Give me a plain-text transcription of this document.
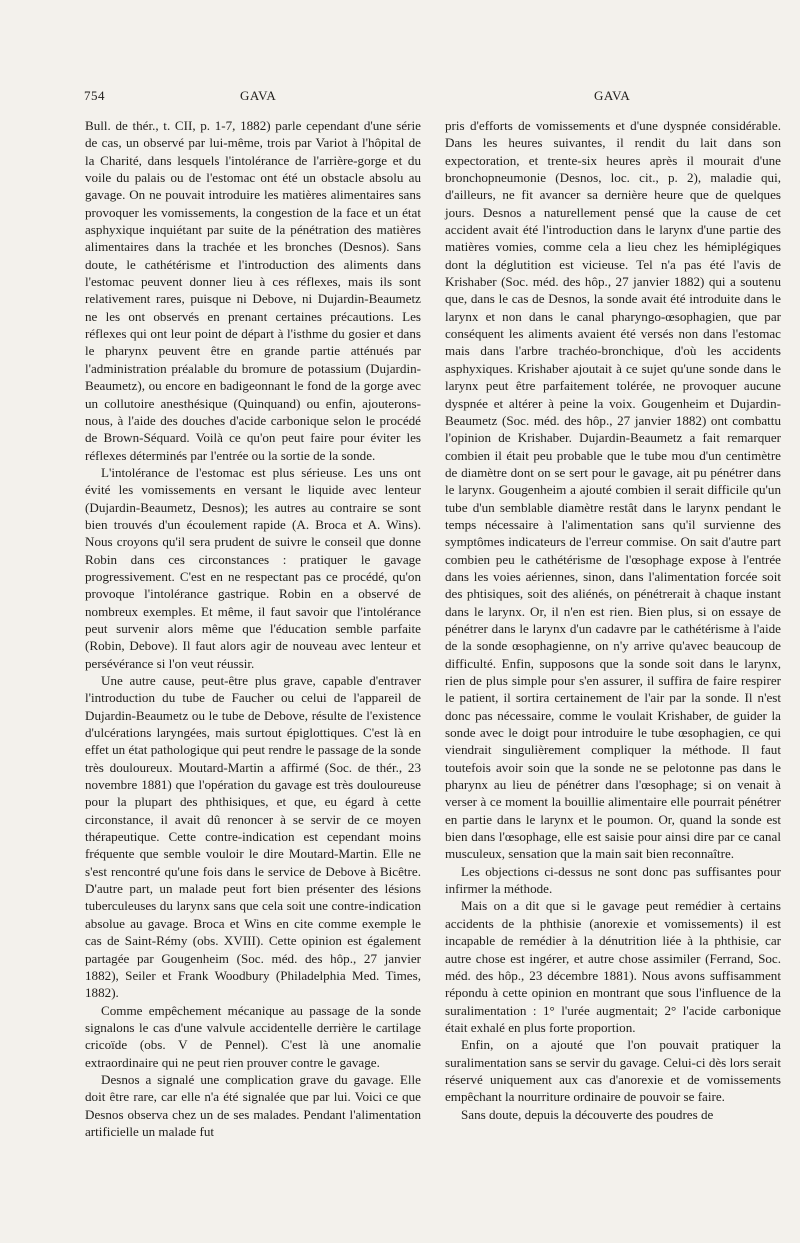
754	GAVA	GAVA

Bull. de thér., t. CII, p. 1-7, 1882) parle cependant d'une série de cas, un observé par lui-même, trois par Variot à l'hôpital de la Charité, dans lesquels l'intolérance de l'arrière-gorge et du voile du palais ou de l'estomac ont été un obstacle absolu au gavage. On ne pouvait introduire les matières alimentaires sans provoquer les vomissements, la congestion de la face et un état asphyxique inquiétant par suite de la pénétration des matières alimentaires dans la trachée et les bronches (Desnos). Sans doute, le cathétérisme et l'introduction des aliments dans l'estomac peuvent donner lieu à ces réflexes, mais ils sont relativement rares, puisque ni Debove, ni Dujardin-Beaumetz ne les ont observés en prenant certaines précautions. Les réflexes qui ont leur point de départ à l'isthme du gosier et dans le pharynx peuvent être en grande partie atténués par l'administration préalable du bromure de potassium (Dujardin-Beaumetz), ou encore en badigeonnant le fond de la gorge avec un collutoire anesthésique (Quinquand) ou enfin, ajouterons-nous, à l'aide des douches d'acide carbonique selon le procédé de Brown-Séquard. Voilà ce qu'on peut faire pour éviter les réflexes déterminés par l'entrée ou la sortie de la sonde.

L'intolérance de l'estomac est plus sérieuse. Les uns ont évité les vomissements en versant le liquide avec lenteur (Dujardin-Beaumetz, Desnos); les autres au contraire se sont bien trouvés d'un écoulement rapide (A. Broca et A. Wins). Nous croyons qu'il sera prudent de suivre le conseil que donne Robin dans ces circonstances : pratiquer le gavage progressivement. C'est en ne respectant pas ce procédé, qu'on provoque l'intolérance gastrique. Robin en a observé de nombreux exemples. Et même, il faut savoir que l'intolérance peut survenir alors même que l'éducation semble parfaite (Robin, Debove). Il faut alors agir de nouveau avec lenteur et persévérance si l'on veut réussir.

Une autre cause, peut-être plus grave, capable d'entraver l'introduction du tube de Faucher ou celui de l'appareil de Dujardin-Beaumetz ou le tube de Debove, résulte de l'existence d'ulcérations laryngées, mais surtout épiglottiques. C'est là en effet un état pathologique qui peut rendre le passage de la sonde très douloureux. Moutard-Martin a affirmé (Soc. de thér., 23 novembre 1881) que l'opération du gavage est très douloureuse pour la plupart des phthisiques, et que, eu égard à cette circonstance, il avait dû renoncer à se servir de ce moyen thérapeutique. Cette contre-indication est cependant moins fréquente que semble vouloir le dire Moutard-Martin. Elle ne s'est rencontré qu'une fois dans le service de Debove à Bicêtre. D'autre part, un malade peut fort bien présenter des lésions tuberculeuses du larynx sans que cela soit une contre-indication absolue au gavage. Broca et Wins en cite comme exemple le cas de Saint-Rémy (obs. XVIII). Cette opinion est également partagée par Gougenheim (Soc. méd. des hôp., 27 janvier 1882), Seiler et Frank Woodbury (Philadelphia Med. Times, 1882).

Comme empêchement mécanique au passage de la sonde signalons le cas d'une valvule accidentelle derrière le cartilage cricoïde (obs. V de Pennel). C'est là une anomalie extraordinaire qui ne peut rien prouver contre le gavage.

Desnos a signalé une complication grave du gavage. Elle doit être rare, car elle n'a été signalée que par lui. Voici ce que Desnos observa chez un de ses malades. Pendant l'alimentation artificielle un malade fut

pris d'efforts de vomissements et d'une dyspnée considérable. Dans les heures suivantes, il rendit du lait dans son expectoration, et trente-six heures après il mourait d'une bronchopneumonie (Desnos, loc. cit., p. 2), maladie qui, d'ailleurs, ne fit avancer sa dernière heure que de quelques jours. Desnos a naturellement pensé que la cause de cet accident avait été l'introduction dans le larynx d'une partie des matières vomies, comme cela a lieu chez les hémiplégiques dont la déglutition est vicieuse. Tel n'a pas été l'avis de Krishaber (Soc. méd. des hôp., 27 janvier 1882) qui a soutenu que, dans le cas de Desnos, la sonde avait été introduite dans le larynx et non dans le canal pharyngo-œsophagien, que par conséquent les aliments avaient été versés non dans l'estomac mais dans l'arbre trachéo-bronchique, d'où les accidents asphyxiques. Krishaber ajoutait à ce sujet qu'une sonde dans le larynx peut être parfaitement tolérée, ne provoquer aucune dyspnée et altérer à peine la voix. Gougenheim et Dujardin-Beaumetz (Soc. méd. des hôp., 27 janvier 1882) ont combattu l'opinion de Krishaber. Dujardin-Beaumetz a fait remarquer combien il était peu probable que le tube mou d'un centimètre de diamètre dont on se sert pour le gavage, ait pu pénétrer dans le larynx. Gougenheim a ajouté combien il serait difficile qu'un tube d'un semblable diamètre restât dans le larynx pendant le temps nécessaire à l'alimentation sans qu'il survienne des symptômes indicateurs de l'erreur commise. On sait d'autre part combien peu le cathétérisme de l'œsophage expose à l'entrée dans les voies aériennes, sinon, dans l'alimentation forcée soit des phtisiques, soit des aliénés, on pénétrerait à chaque instant dans le larynx. Or, il n'en est rien. Bien plus, si on essaye de pénétrer dans le larynx d'un cadavre par le cathétérisme à l'aide de la sonde œsophagienne, on n'y arrive qu'avec beaucoup de difficulté. Enfin, supposons que la sonde soit dans le larynx, rien de plus simple pour s'en assurer, il suffira de faire respirer le patient, il sortira certainement de l'air par la sonde. Il n'est donc pas nécessaire, comme le voulait Krishaber, de guider la sonde avec le doigt pour introduire le tube œsophagien, ce qui viendrait singulièrement compliquer la méthode. Il faut toutefois avoir soin que la sonde ne se pelotonne pas dans le pharynx au lieu de pénétrer dans l'œsophage; si on venait à verser à ce moment la bouillie alimentaire elle pourrait pénétrer en partie dans le larynx et le poumon. Or, quand la sonde est bien dans l'œsophage, elle est saisie pour ainsi dire par ce canal musculeux, sensation que la main sait bien reconnaître.

Les objections ci-dessus ne sont donc pas suffisantes pour infirmer la méthode.

Mais on a dit que si le gavage peut remédier à certains accidents de la phthisie (anorexie et vomissements) il est incapable de remédier à la dénutrition liée à la phthisie, car autre chose est ingérer, et autre chose assimiler (Ferrand, Soc. méd. des hôp., 23 décembre 1881). Nous avons suffisamment répondu à cette opinion en montrant que sous l'influence de la suralimentation : 1° l'urée augmentait; 2° l'acide carbonique était exhalé en plus forte proportion.

Enfin, on a ajouté que l'on pouvait pratiquer la suralimentation sans se servir du gavage. Celui-ci dès lors serait réservé uniquement aux cas d'anorexie et de vomissements empêchant la nourriture ordinaire de pouvoir se faire.

Sans doute, depuis la découverte des poudres de
